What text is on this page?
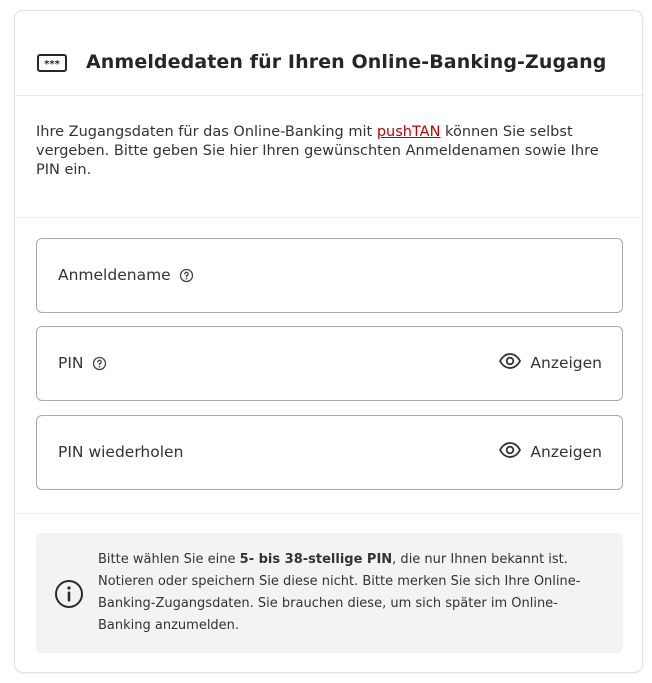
*** Anmeldedaten für Ihren Online-Banking-Zugang
Ihre Zugangsdaten für das Online-Banking mit pushTAN können Sie selbst vergeben. Bitte geben Sie hier Ihren gewünschten Anmeldenamen sowie Ihre PIN ein.
Anmeldename
PIN	Anzeigen
PIN wiederholen	Anzeigen
Bitte wählen Sie eine 5- bis 38-stellige PIN, die nur Ihnen bekannt ist. Notieren oder speichern Sie diese nicht. Bitte merken Sie sich Ihre Online-Banking-Zugangsdaten. Sie brauchen diese, um sich später im Online-Banking anzumelden.
